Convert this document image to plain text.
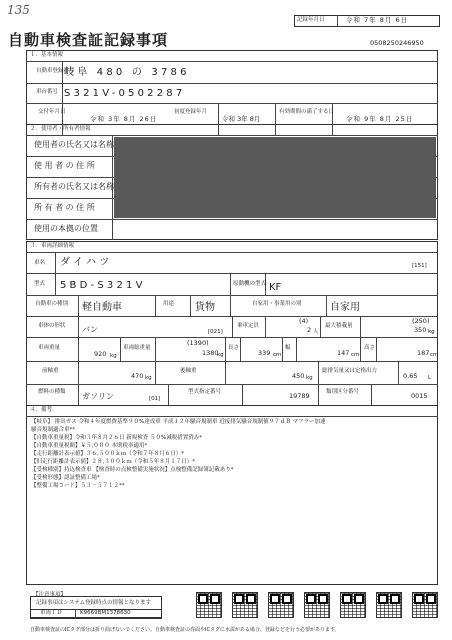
135
自動車検査証記録事項
記録年月日	令和 7年 8月 6日
0508250246950
１．基本情報
自動車登録番号
岐阜 480 の 3786
車台番号 S321V-0502287
交付年月日
令和 3年 8月 26日
初度登録年月
令和 3年 8月
有効期間の満了する日
令和 9年 8月 25日
２．使用者・所有者情報
使用者の氏名又は名称
使 用 者 の 住 所
所有者の氏名又は名称
所 有 者 の 住 所
使用の本拠の位置
３．車両詳細情報
車名 ダイハツ	[151]
型式 5BD-S321V	原動機の型式 KF
自動車の種別 軽自動車	用途 貨物	自家用・事業用の別	自家用
車体の形状 バン	[021]
乗車定員
(4)
2 人
最大積載量
(250)
350 kg
車両重量
920 kg
車両総重量
(1390)
1380
kg
長さ
339 cm
幅
147 cm
高さ
187 cm
前軸重
470 kg
後軸重
450 kg
総排気量又は定格出力
0.65 L
燃料の種類 ガソリン	[01]
型式指定番号	19789	類別区分番号	0015
４．備考
【岐阜】 排出ガス 令和４年度燃費基準９０%達成車 平成１２年騒音規制車 近接排気騒音規制値９７ｄＢ マフラー加速
騒音規制適合車**
【自動車重量税】令和３年８月２６日 新規検査 ５０%減税措置済み*
【自動車重量税額】￥５,０００ 本則税率適用*
【走行距離計表示値】３６,５００ｋｍ（令和７年８月６日）*
【旧走行距離計表示値】２８,３００ｋｍ（令和５年８月１７日）*
【受検種別】持込検査車 【検査時の点検整備実施状況】点検整備記録簿記載あり*
【受検形態】認証整備工場*
【整備工場コード】５３－５７１２**
【注意事項】
記録事項はシステム登録時点の情報となります
車両ＩＤ	K9669BM1378630
自動車検査証のICタグ部分は折り曲げないでください。自動車検査証の券面やICタグに水濡がある場合、登録などを行う必要があります。
